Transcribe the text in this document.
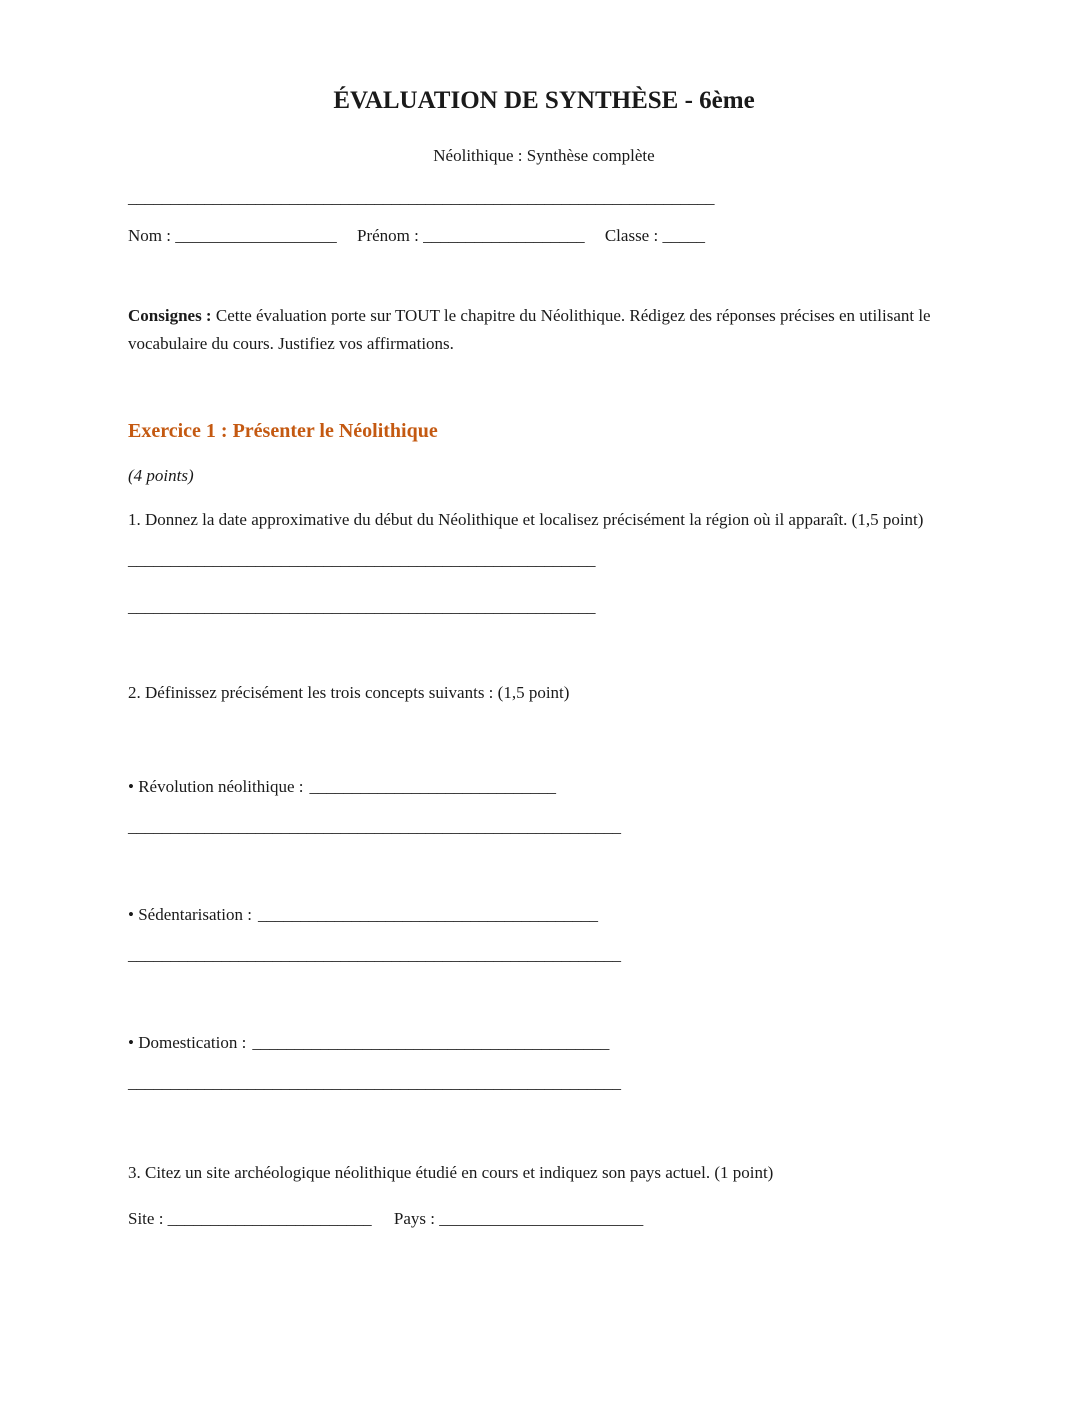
ÉVALUATION DE SYNTHÈSE - 6ème

Néolithique : Synthèse complète

_____________________________________________________________________

Nom : ___________________ Prénom : ___________________ Classe : _____

Consignes : Cette évaluation porte sur TOUT le chapitre du Néolithique. Rédigez des réponses précises en utilisant le vocabulaire du cours. Justifiez vos affirmations.

Exercice 1 : Présenter le Néolithique

(4 points)

1. Donnez la date approximative du début du Néolithique et localisez précisément la région où il apparaît. (1,5 point)

_______________________________________________________

_______________________________________________________

2. Définissez précisément les trois concepts suivants : (1,5 point)

• Révolution néolithique : _____________________________

__________________________________________________________

• Sédentarisation : ________________________________________

__________________________________________________________

• Domestication : __________________________________________

__________________________________________________________

3. Citez un site archéologique néolithique étudié en cours et indiquez son pays actuel. (1 point)

Site : ________________________ Pays : ________________________
